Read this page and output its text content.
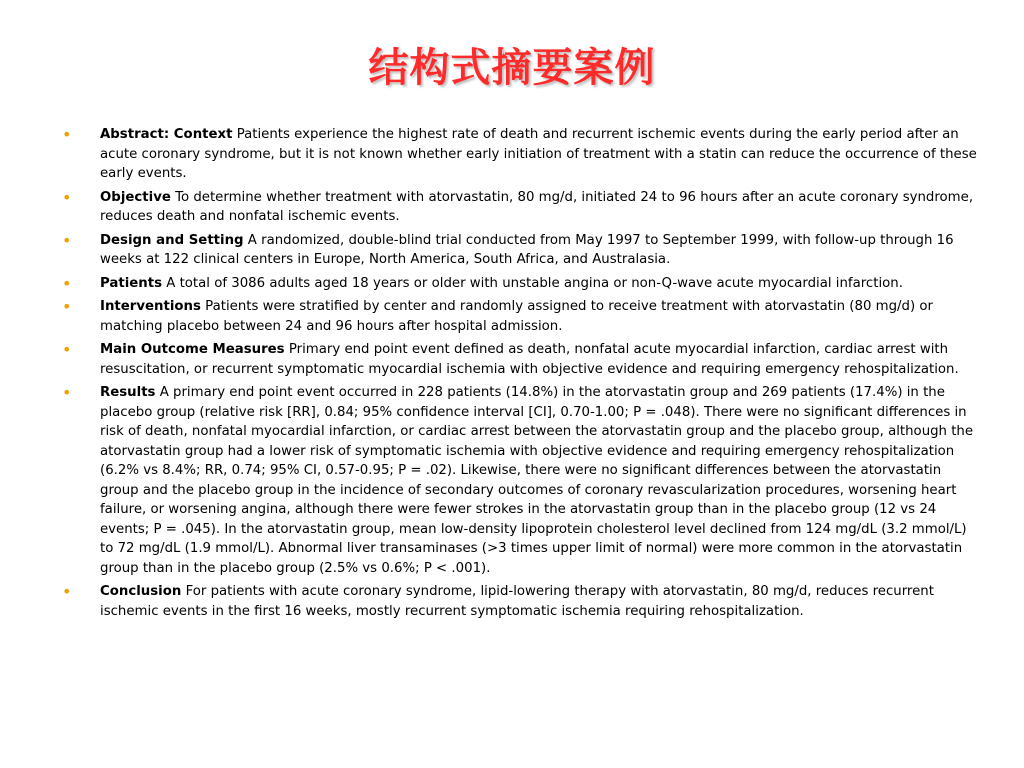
结构式摘要案例
• Abstract: Context Patients experience the highest rate of death and recurrent ischemic events during the early period after an acute coronary syndrome, but it is not known whether early initiation of treatment with a statin can reduce the occurrence of these early events.
• Objective To determine whether treatment with atorvastatin, 80 mg/d, initiated 24 to 96 hours after an acute coronary syndrome, reduces death and nonfatal ischemic events.
• Design and Setting A randomized, double-blind trial conducted from May 1997 to September 1999, with follow-up through 16 weeks at 122 clinical centers in Europe, North America, South Africa, and Australasia.
• Patients A total of 3086 adults aged 18 years or older with unstable angina or non-Q-wave acute myocardial infarction.
• Interventions Patients were stratified by center and randomly assigned to receive treatment with atorvastatin (80 mg/d) or matching placebo between 24 and 96 hours after hospital admission.
• Main Outcome Measures Primary end point event defined as death, nonfatal acute myocardial infarction, cardiac arrest with resuscitation, or recurrent symptomatic myocardial ischemia with objective evidence and requiring emergency rehospitalization.
• Results A primary end point event occurred in 228 patients (14.8%) in the atorvastatin group and 269 patients (17.4%) in the placebo group (relative risk [RR], 0.84; 95% confidence interval [CI], 0.70-1.00; P = .048). There were no significant differences in risk of death, nonfatal myocardial infarction, or cardiac arrest between the atorvastatin group and the placebo group, although the atorvastatin group had a lower risk of symptomatic ischemia with objective evidence and requiring emergency rehospitalization (6.2% vs 8.4%; RR, 0.74; 95% CI, 0.57-0.95; P = .02). Likewise, there were no significant differences between the atorvastatin group and the placebo group in the incidence of secondary outcomes of coronary revascularization procedures, worsening heart failure, or worsening angina, although there were fewer strokes in the atorvastatin group than in the placebo group (12 vs 24 events; P = .045). In the atorvastatin group, mean low-density lipoprotein cholesterol level declined from 124 mg/dL (3.2 mmol/L) to 72 mg/dL (1.9 mmol/L). Abnormal liver transaminases (>3 times upper limit of normal) were more common in the atorvastatin group than in the placebo group (2.5% vs 0.6%; P < .001).
• Conclusion For patients with acute coronary syndrome, lipid-lowering therapy with atorvastatin, 80 mg/d, reduces recurrent ischemic events in the first 16 weeks, mostly recurrent symptomatic ischemia requiring rehospitalization.
